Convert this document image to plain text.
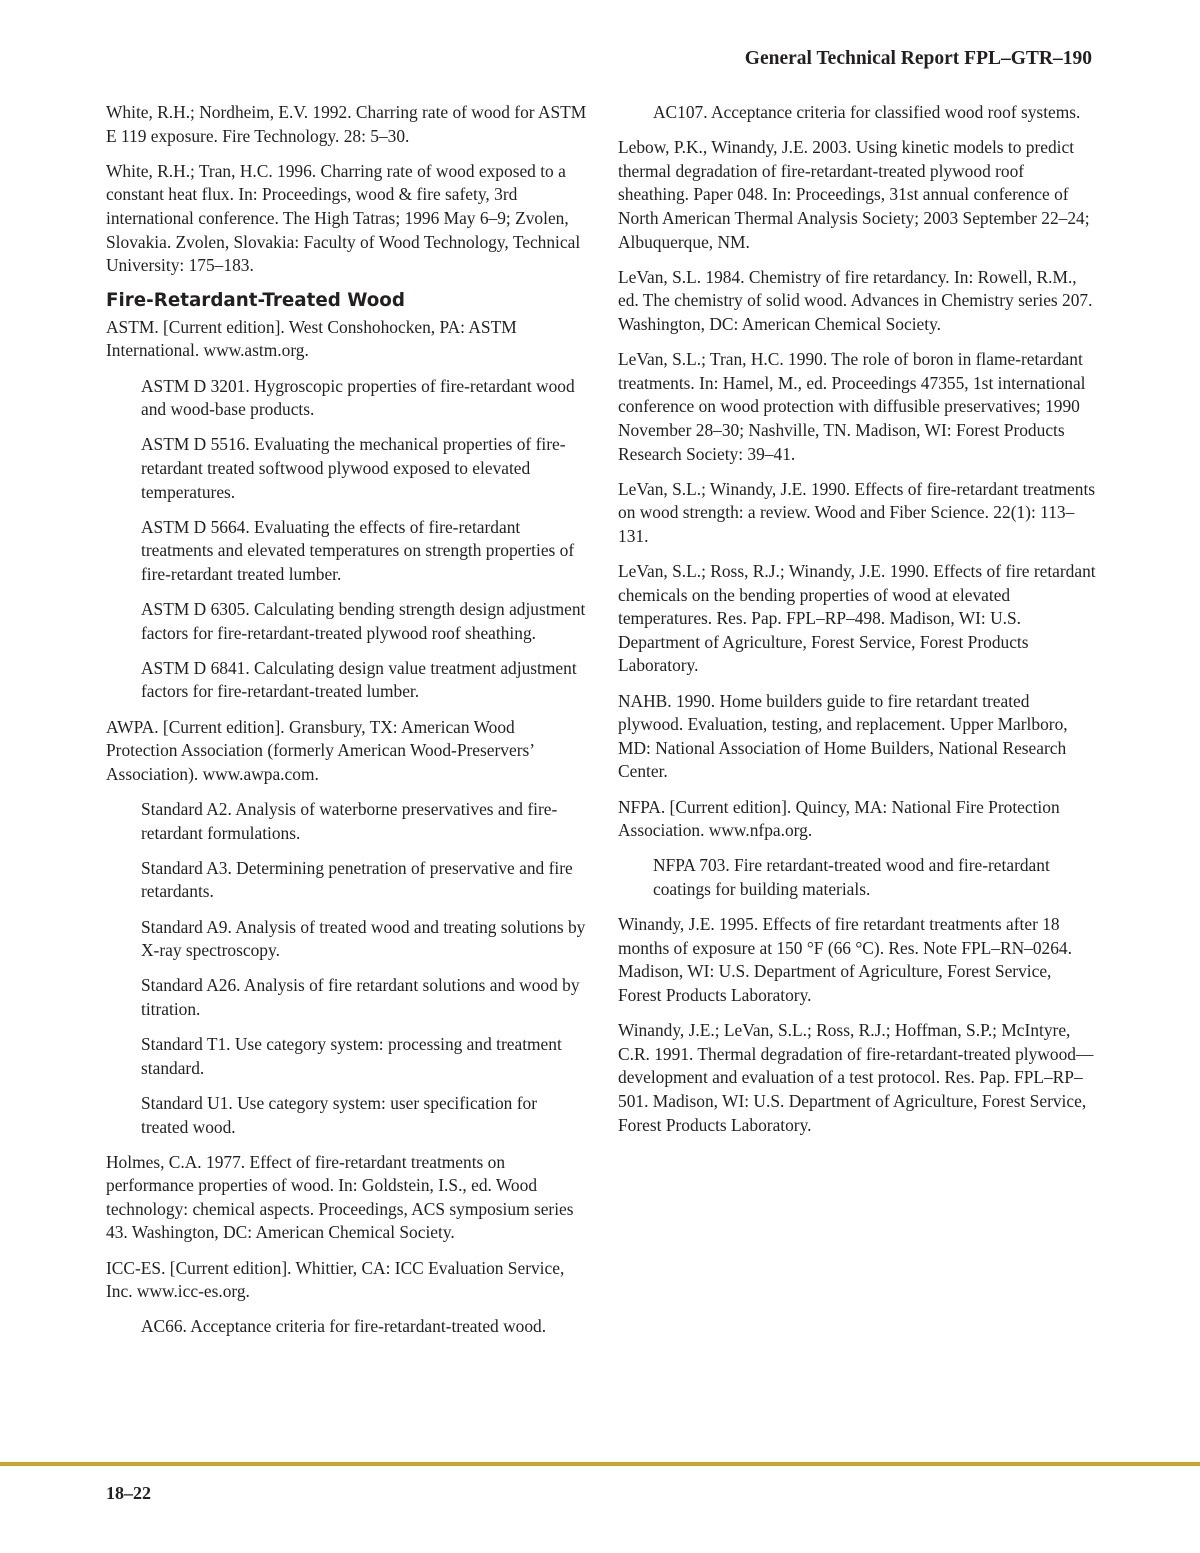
General Technical Report FPL–GTR–190

White, R.H.; Nordheim, E.V. 1992. Charring rate of wood for ASTM E 119 exposure. Fire Technology. 28: 5–30.

White, R.H.; Tran, H.C. 1996. Charring rate of wood exposed to a constant heat flux. In: Proceedings, wood & fire safety, 3rd international conference. The High Tatras; 1996 May 6–9; Zvolen, Slovakia. Zvolen, Slovakia: Faculty of Wood Technology, Technical University: 175–183.

Fire-Retardant-Treated Wood

ASTM. [Current edition]. West Conshohocken, PA: ASTM International. www.astm.org.

ASTM D 3201. Hygroscopic properties of fire-retardant wood and wood-base products.

ASTM D 5516. Evaluating the mechanical properties of fire-retardant treated softwood plywood exposed to elevated temperatures.

ASTM D 5664. Evaluating the effects of fire-retardant treatments and elevated temperatures on strength properties of fire-retardant treated lumber.

ASTM D 6305. Calculating bending strength design adjustment factors for fire-retardant-treated plywood roof sheathing.

ASTM D 6841. Calculating design value treatment adjustment factors for fire-retardant-treated lumber.

AWPA. [Current edition]. Gransbury, TX: American Wood Protection Association (formerly American Wood-Preservers’ Association). www.awpa.com.

Standard A2. Analysis of waterborne preservatives and fire-retardant formulations.

Standard A3. Determining penetration of preservative and fire retardants.

Standard A9. Analysis of treated wood and treating solutions by X-ray spectroscopy.

Standard A26. Analysis of fire retardant solutions and wood by titration.

Standard T1. Use category system: processing and treatment standard.

Standard U1. Use category system: user specification for treated wood.

Holmes, C.A. 1977. Effect of fire-retardant treatments on performance properties of wood. In: Goldstein, I.S., ed. Wood technology: chemical aspects. Proceedings, ACS symposium series 43. Washington, DC: American Chemical Society.

ICC-ES. [Current edition]. Whittier, CA: ICC Evaluation Service, Inc. www.icc-es.org.

AC66. Acceptance criteria for fire-retardant-treated wood.

AC107. Acceptance criteria for classified wood roof systems.

Lebow, P.K., Winandy, J.E. 2003. Using kinetic models to predict thermal degradation of fire-retardant-treated plywood roof sheathing. Paper 048. In: Proceedings, 31st annual conference of North American Thermal Analysis Society; 2003 September 22–24; Albuquerque, NM.

LeVan, S.L. 1984. Chemistry of fire retardancy. In: Rowell, R.M., ed. The chemistry of solid wood. Advances in Chemistry series 207. Washington, DC: American Chemical Society.

LeVan, S.L.; Tran, H.C. 1990. The role of boron in flame-retardant treatments. In: Hamel, M., ed. Proceedings 47355, 1st international conference on wood protection with diffusible preservatives; 1990 November 28–30; Nashville, TN. Madison, WI: Forest Products Research Society: 39–41.

LeVan, S.L.; Winandy, J.E. 1990. Effects of fire-retardant treatments on wood strength: a review. Wood and Fiber Science. 22(1): 113–131.

LeVan, S.L.; Ross, R.J.; Winandy, J.E. 1990. Effects of fire retardant chemicals on the bending properties of wood at elevated temperatures. Res. Pap. FPL–RP–498. Madison, WI: U.S. Department of Agriculture, Forest Service, Forest Products Laboratory.

NAHB. 1990. Home builders guide to fire retardant treated plywood. Evaluation, testing, and replacement. Upper Marlboro, MD: National Association of Home Builders, National Research Center.

NFPA. [Current edition]. Quincy, MA: National Fire Protection Association. www.nfpa.org.

NFPA 703. Fire retardant-treated wood and fire-retardant coatings for building materials.

Winandy, J.E. 1995. Effects of fire retardant treatments after 18 months of exposure at 150 °F (66 °C). Res. Note FPL–RN–0264. Madison, WI: U.S. Department of Agriculture, Forest Service, Forest Products Laboratory.

Winandy, J.E.; LeVan, S.L.; Ross, R.J.; Hoffman, S.P.; McIntyre, C.R. 1991. Thermal degradation of fire-retardant-treated plywood—development and evaluation of a test protocol. Res. Pap. FPL–RP–501. Madison, WI: U.S. Department of Agriculture, Forest Service, Forest Products Laboratory.

18–22
